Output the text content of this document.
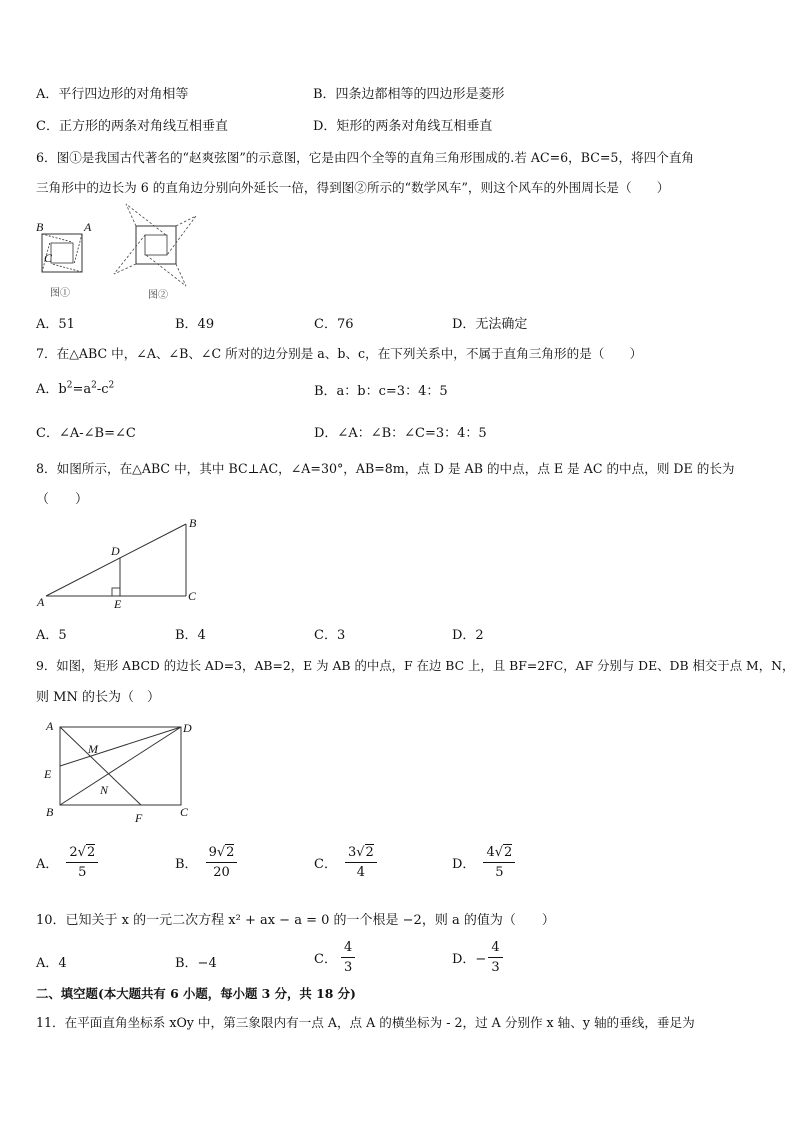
A．平行四边形的对角相等	B．四条边都相等的四边形是菱形
C．正方形的两条对角线互相垂直	D．矩形的两条对角线互相垂直
6．图①是我国古代著名的“赵爽弦图”的示意图，它是由四个全等的直角三角形围成的.若 AC=6，BC=5，将四个直角
三角形中的边长为 6 的直角边分别向外延长一倍，得到图②所示的“数学风车”，则这个风车的外围周长是（　　）
B	A
C
图①	图②
A．51	B．49	C．76	D．无法确定
7．在△ABC 中，∠A、∠B、∠C 所对的边分别是 a、b、c，在下列关系中，不属于直角三角形的是（　　）
A．$b^2=a^2-c^2$	B．a：b：c=3：4：5
C．∠A-∠B=∠C	D．∠A：∠B：∠C=3：4：5
8．如图所示，在△ABC 中，其中 BC⊥AC，∠A=30°，AB=8m，点 D 是 AB 的中点，点 E 是 AC 的中点，则 DE 的长为
（　　）
B
D
A	E
C
A．5	B．4	C．3	D．2
9．如图，矩形 ABCD 的边长 AD=3，AB=2，E 为 AB 的中点，F 在边 BC 上，且 BF=2FC，AF 分别与 DE、DB 相交于点 M，N，
则 MN 的长为（　）
A	D
M
E
N
B	F	C
A． $\frac{2√2}{5}$	B． $\frac{9√2}{20}$	C． $\frac{3√2}{4}$	D． $\frac{4√2}{5}$
10．已知关于 x 的一元二次方程 x² + ax − a = 0 的一个根是 −2，则 a 的值为（　　）
A．4	B．−4	C． $\frac{4}{3}$	D．− $\frac{4}{3}$
二、填空题(本大题共有 6 小题，每小题 3 分，共 18 分)
11．在平面直角坐标系 xOy 中，第三象限内有一点 A，点 A 的横坐标为 - 2，过 A 分别作 x 轴、y 轴的垂线，垂足为
